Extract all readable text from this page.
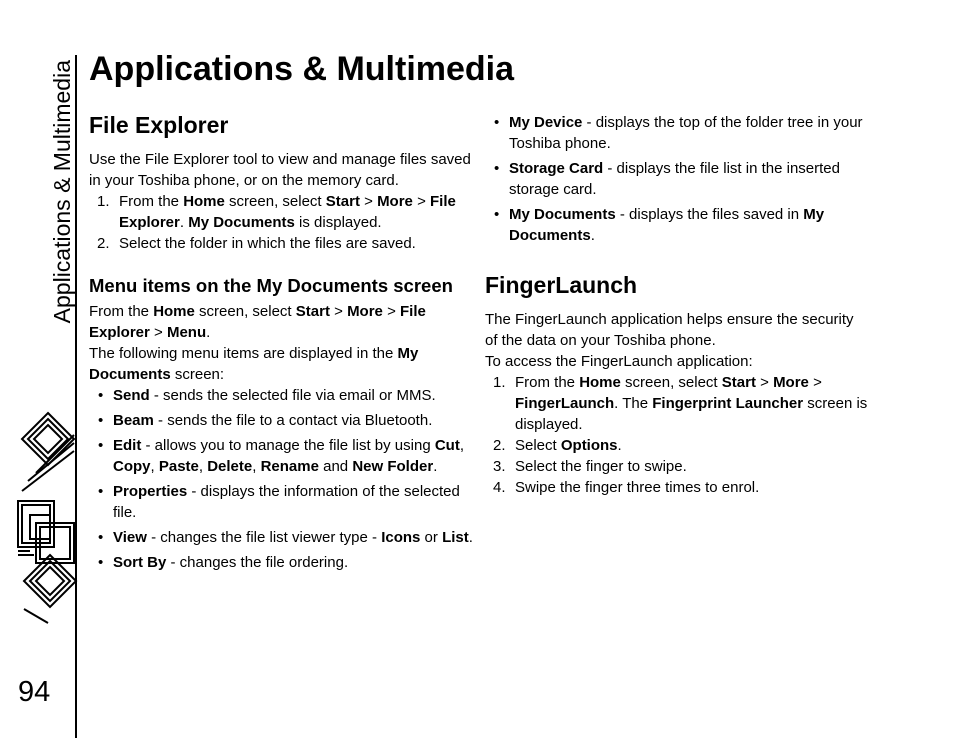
Applications & Multimedia
94
Applications & Multimedia
File Explorer

Use the File Explorer tool to view and manage files saved in your Toshiba phone, or on the memory card.

1. From the Home screen, select Start > More > File Explorer. My Documents is displayed.
2. Select the folder in which the files are saved.
Menu items on the My Documents screen

From the Home screen, select Start > More > File Explorer > Menu.

The following menu items are displayed in the My Documents screen:

• Send - sends the selected file via email or MMS.
• Beam - sends the file to a contact via Bluetooth.
• Edit - allows you to manage the file list by using Cut, Copy, Paste, Delete, Rename and New Folder.
• Properties - displays the information of the selected file.
• View - changes the file list viewer type - Icons or List.
• Sort By - changes the file ordering.
• My Device - displays the top of the folder tree in your Toshiba phone.
• Storage Card - displays the file list in the inserted storage card.
• My Documents - displays the files saved in My Documents.
FingerLaunch

The FingerLaunch application helps ensure the security of the data on your Toshiba phone.

To access the FingerLaunch application:

1. From the Home screen, select Start > More > FingerLaunch. The Fingerprint Launcher screen is displayed.
2. Select Options.
3. Select the finger to swipe.
4. Swipe the finger three times to enrol.
